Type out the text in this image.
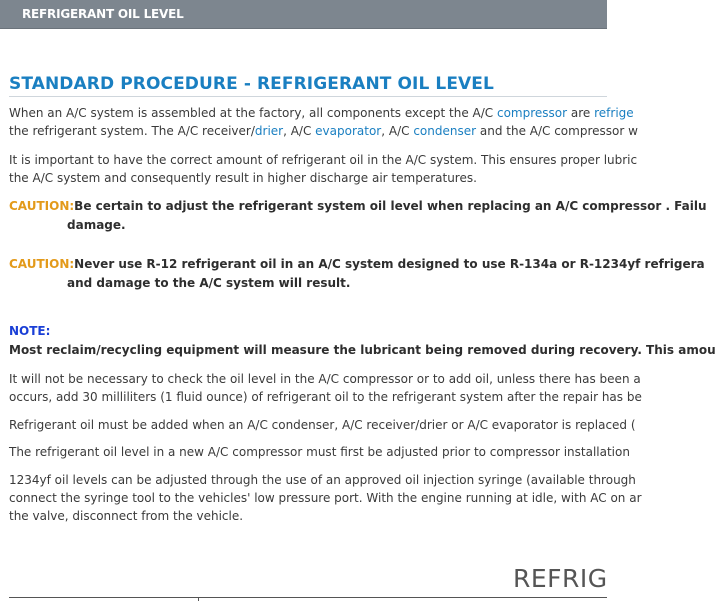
REFRIGERANT OIL LEVEL
STANDARD PROCEDURE - REFRIGERANT OIL LEVEL
When an A/C system is assembled at the factory, all components except the A/C compressor are refrige
the refrigerant system. The A/C receiver/drier, A/C evaporator, A/C condenser and the A/C compressor w
It is important to have the correct amount of refrigerant oil in the A/C system. This ensures proper lubric
the A/C system and consequently result in higher discharge air temperatures.
CAUTION:Be certain to adjust the refrigerant system oil level when replacing an A/C compressor . Failu
damage.
CAUTION:Never use R-12 refrigerant oil in an A/C system designed to use R-134a or R-1234yf refrigera
and damage to the A/C system will result.
NOTE:
Most reclaim/recycling equipment will measure the lubricant being removed during recovery. This amou
It will not be necessary to check the oil level in the A/C compressor or to add oil, unless there has been a
occurs, add 30 milliliters (1 fluid ounce) of refrigerant oil to the refrigerant system after the repair has be
Refrigerant oil must be added when an A/C condenser, A/C receiver/drier or A/C evaporator is replaced (
The refrigerant oil level in a new A/C compressor must first be adjusted prior to compressor installation
1234yf oil levels can be adjusted through the use of an approved oil injection syringe (available through
connect the syringe tool to the vehicles' low pressure port. With the engine running at idle, with AC on ar
the valve, disconnect from the vehicle.
REFRIG
